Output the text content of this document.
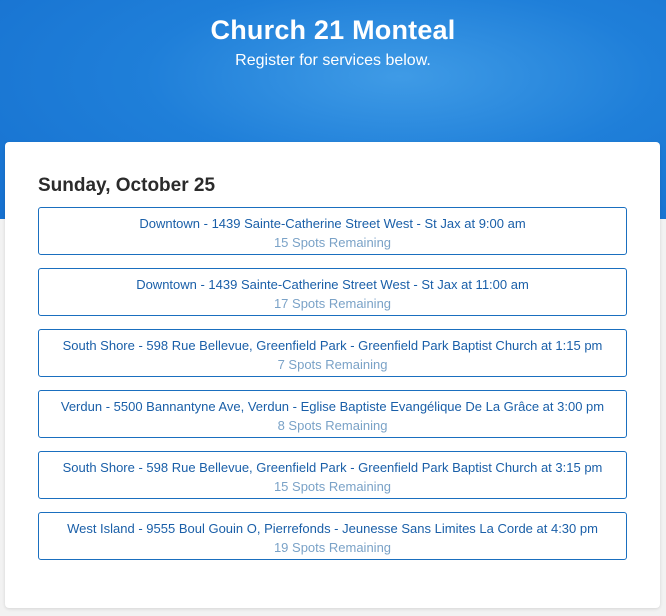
Church 21 Monteal
Register for services below.
Sunday, October 25
Downtown - 1439 Sainte-Catherine Street West - St Jax at 9:00 am
15 Spots Remaining
Downtown - 1439 Sainte-Catherine Street West - St Jax at 11:00 am
17 Spots Remaining
South Shore - 598 Rue Bellevue, Greenfield Park - Greenfield Park Baptist Church at 1:15 pm
7 Spots Remaining
Verdun - 5500 Bannantyne Ave, Verdun - Eglise Baptiste Evangélique De La Grâce at 3:00 pm
8 Spots Remaining
South Shore - 598 Rue Bellevue, Greenfield Park - Greenfield Park Baptist Church at 3:15 pm
15 Spots Remaining
West Island - 9555 Boul Gouin O, Pierrefonds - Jeunesse Sans Limites La Corde at 4:30 pm
19 Spots Remaining
